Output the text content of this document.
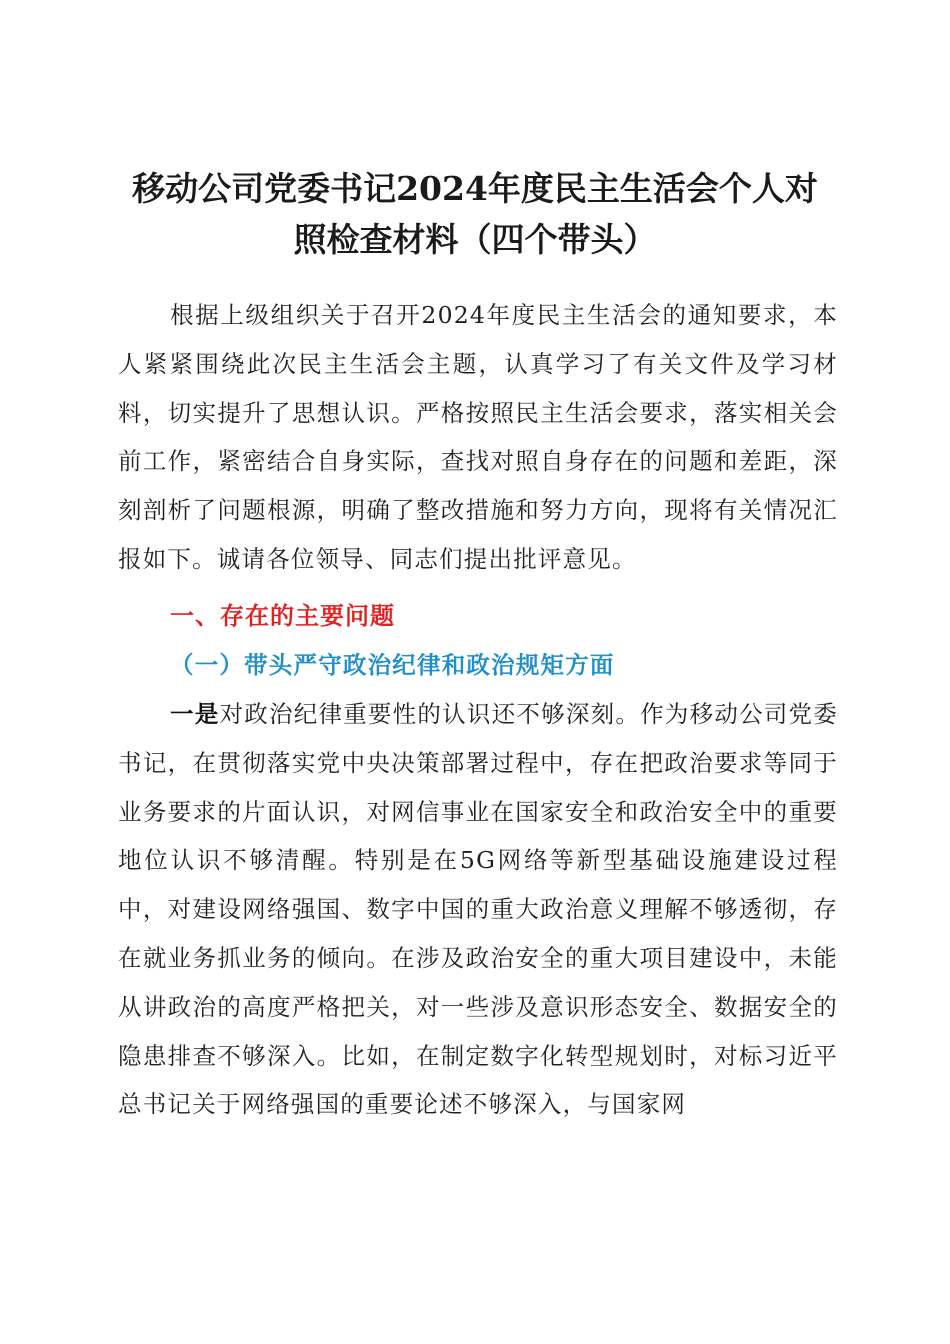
移动公司党委书记2024年度民主生活会个人对
照检查材料（四个带头）

根据上级组织关于召开2024年度民主生活会的通知要求，本人紧紧围绕此次民主生活会主题，认真学习了有关文件及学习材料，切实提升了思想认识。严格按照民主生活会要求，落实相关会前工作，紧密结合自身实际，查找对照自身存在的问题和差距，深刻剖析了问题根源，明确了整改措施和努力方向，现将有关情况汇报如下。诚请各位领导、同志们提出批评意见。

一、存在的主要问题
（一）带头严守政治纪律和政治规矩方面

一是对政治纪律重要性的认识还不够深刻。作为移动公司党委书记，在贯彻落实党中央决策部署过程中，存在把政治要求等同于业务要求的片面认识，对网信事业在国家安全和政治安全中的重要地位认识不够清醒。特别是在5G网络等新型基础设施建设过程中，对建设网络强国、数字中国的重大政治意义理解不够透彻，存在就业务抓业务的倾向。在涉及政治安全的重大项目建设中，未能从讲政治的高度严格把关，对一些涉及意识形态安全、数据安全的隐患排查不够深入。比如，在制定数字化转型规划时，对标习近平总书记关于网络强国的重要论述不够深入，与国家网
